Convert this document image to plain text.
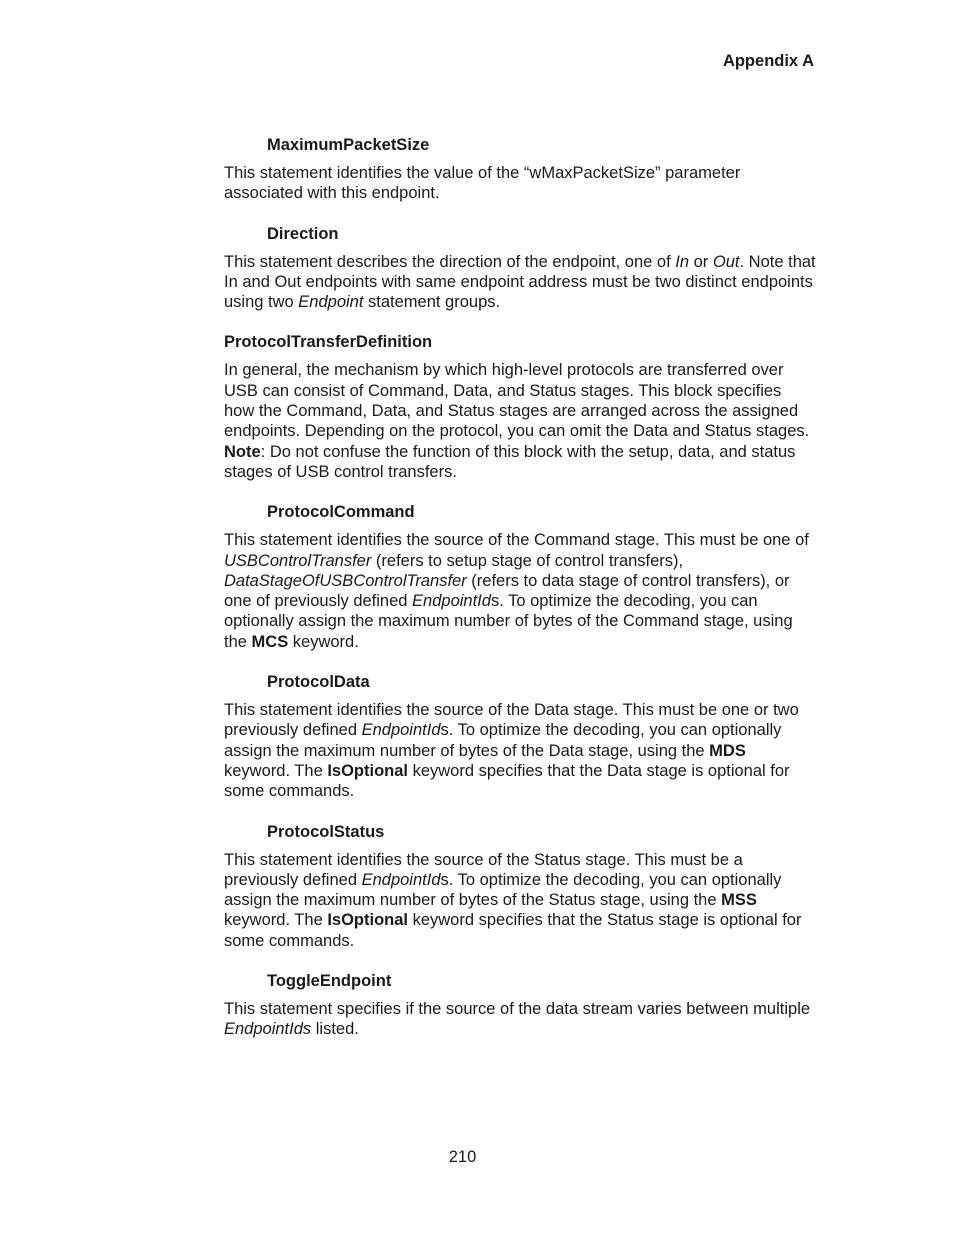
Appendix A
MaximumPacketSize

This statement identifies the value of the “wMaxPacketSize” parameter associated with this endpoint.

Direction

This statement describes the direction of the endpoint, one of In or Out. Note that In and Out endpoints with same endpoint address must be two distinct endpoints using two Endpoint statement groups.

ProtocolTransferDefinition

In general, the mechanism by which high-level protocols are transferred over USB can consist of Command, Data, and Status stages. This block specifies how the Command, Data, and Status stages are arranged across the assigned endpoints. Depending on the protocol, you can omit the Data and Status stages. Note: Do not confuse the function of this block with the setup, data, and status stages of USB control transfers.

ProtocolCommand

This statement identifies the source of the Command stage. This must be one of USBControlTransfer (refers to setup stage of control transfers), DataStageOfUSBControlTransfer (refers to data stage of control transfers), or one of previously defined EndpointIds. To optimize the decoding, you can optionally assign the maximum number of bytes of the Command stage, using the MCS keyword.

ProtocolData

This statement identifies the source of the Data stage. This must be one or two previously defined EndpointIds. To optimize the decoding, you can optionally assign the maximum number of bytes of the Data stage, using the MDS keyword. The IsOptional keyword specifies that the Data stage is optional for some commands.

ProtocolStatus

This statement identifies the source of the Status stage. This must be a previously defined EndpointIds. To optimize the decoding, you can optionally assign the maximum number of bytes of the Status stage, using the MSS keyword. The IsOptional keyword specifies that the Status stage is optional for some commands.

ToggleEndpoint

This statement specifies if the source of the data stream varies between multiple EndpointIds listed.

210
